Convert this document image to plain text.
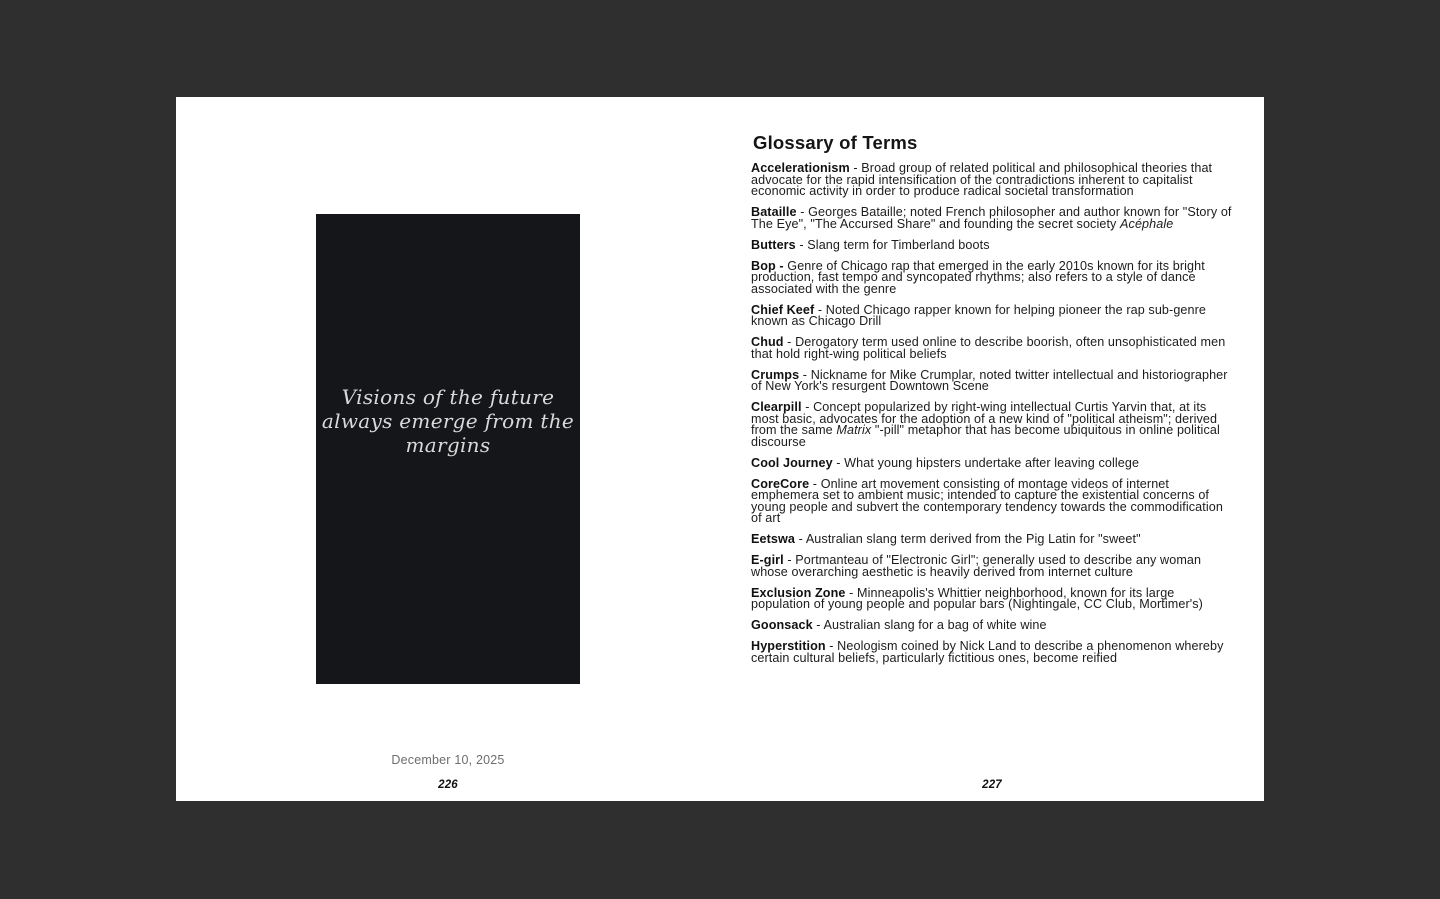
Visions of the future
always emerge from the
margins
December 10, 2025
226
Glossary of Terms

Accelerationism - Broad group of related political and philosophical theories that advocate for the rapid intensification of the contradictions inherent to capitalist economic activity in order to produce radical societal transformation

Bataille - Georges Bataille; noted French philosopher and author known for "Story of The Eye", "The Accursed Share" and founding the secret society Acéphale

Butters - Slang term for Timberland boots

Bop - Genre of Chicago rap that emerged in the early 2010s known for its bright production, fast tempo and syncopated rhythms; also refers to a style of dance associated with the genre

Chief Keef - Noted Chicago rapper known for helping pioneer the rap sub-genre known as Chicago Drill

Chud - Derogatory term used online to describe boorish, often unsophisticated men that hold right-wing political beliefs

Crumps - Nickname for Mike Crumplar, noted twitter intellectual and historiographer of New York's resurgent Downtown Scene

Clearpill - Concept popularized by right-wing intellectual Curtis Yarvin that, at its most basic, advocates for the adoption of a new kind of "political atheism"; derived from the same Matrix "-pill" metaphor that has become ubiquitous in online political discourse

Cool Journey - What young hipsters undertake after leaving college

CoreCore - Online art movement consisting of montage videos of internet emphemera set to ambient music; intended to capture the existential concerns of young people and subvert the contemporary tendency towards the commodification of art

Eetswa - Australian slang term derived from the Pig Latin for "sweet"

E-girl - Portmanteau of "Electronic Girl"; generally used to describe any woman whose overarching aesthetic is heavily derived from internet culture

Exclusion Zone - Minneapolis's Whittier neighborhood, known for its large population of young people and popular bars (Nightingale, CC Club, Mortimer's)

Goonsack - Australian slang for a bag of white wine

Hyperstition - Neologism coined by Nick Land to describe a phenomenon whereby certain cultural beliefs, particularly fictitious ones, become reified

227
